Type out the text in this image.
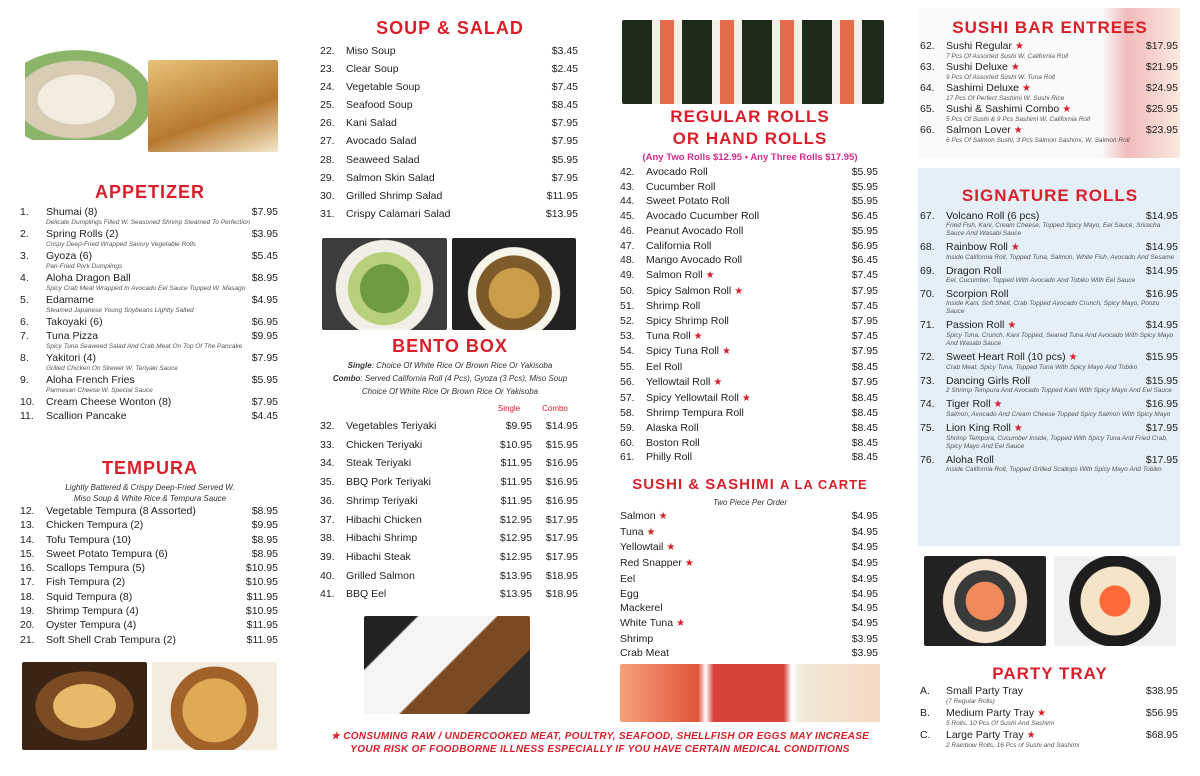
APPETIZER
1.	Shumai (8)	$7.95
Delicate Dumplings Filled W. Seasoned Shrimp Steamed To Perfection
2.	Spring Rolls (2)	$3.95
Crispy Deep-Fried Wrapped Savory Vegetable Rolls
3.	Gyoza (6)	$5.45
Pan-Fried Pork Dumplings
4.	Aloha Dragon Ball	$8.95
Spicy Crab Meat Wrapped In Avocado Eel Sauce Topped W. Masago
5.	Edamame	$4.95
Steamed Japanese Young Soybeans Lightly Salted
6.	Takoyaki (6)	$6.95
7.	Tuna Pizza	$9.95
Spicy Tuna Seaweed Salad And Crab Meat On Top Of The Pancake
8.	Yakitori (4)	$7.95
Grilled Chicken On Skewer W. Teriyaki Sauce
9.	Aloha French Fries	$5.95
Parmesan Cheese W. Special Sauce
10.	Cream Cheese Wonton (8)	$7.95
11.	Scallion Pancake	$4.45
TEMPURA
Lightly Battered & Crispy Deep-Fried Served W. Miso Soup & White Rice & Tempura Sauce
12.	Vegetable Tempura (8 Assorted)	$8.95
13.	Chicken Tempura (2)	$9.95
14.	Tofu Tempura (10)	$8.95
15.	Sweet Potato Tempura (6)	$8.95
16.	Scallops Tempura (5)	$10.95
17.	Fish Tempura (2)	$10.95
18.	Squid Tempura (8)	$11.95
19.	Shrimp Tempura (4)	$10.95
20.	Oyster Tempura (4)	$11.95
21.	Soft Shell Crab Tempura (2)	$11.95
SOUP & SALAD
22.	Miso Soup	$3.45
23.	Clear Soup	$2.45
24.	Vegetable Soup	$7.45
25.	Seafood Soup	$8.45
26.	Kani Salad	$7.95
27.	Avocado Salad	$7.95
28.	Seaweed Salad	$5.95
29.	Salmon Skin Salad	$7.95
30.	Grilled Shrimp Salad	$11.95
31.	Crispy Calamari Salad	$13.95
BENTO BOX
Single: Choice Of White Rice Or Brown Rice Or Yakisoba
Combo: Served California Roll (4 Pcs), Gyoza (3 Pcs), Miso Soup
Choice Of White Rice Or Brown Rice Or Yakisoba
Single	Combo
32.	Vegetables Teriyaki	$9.95	$14.95
33.	Chicken Teriyaki	$10.95	$15.95
34.	Steak Teriyaki	$11.95	$16.95
35.	BBQ Pork Teriyaki	$11.95	$16.95
36.	Shrimp Teriyaki	$11.95	$16.95
37.	Hibachi Chicken	$12.95	$17.95
38.	Hibachi Shrimp	$12.95	$17.95
39.	Hibachi Steak	$12.95	$17.95
40.	Grilled Salmon	$13.95	$18.95
41.	BBQ Eel	$13.95	$18.95
REGULAR ROLLS
OR HAND ROLLS
(Any Two Rolls $12.95 • Any Three Rolls $17.95)
42.	Avocado Roll	$5.95
43.	Cucumber Roll	$5.95
44.	Sweet Potato Roll	$5.95
45.	Avocado Cucumber Roll	$6.45
46.	Peanut Avocado Roll	$5.95
47.	California Roll	$6.95
48.	Mango Avocado Roll	$6.45
49.	Salmon Roll ★	$7.45
50.	Spicy Salmon Roll ★	$7.95
51.	Shrimp Roll	$7.45
52.	Spicy Shrimp Roll	$7.95
53.	Tuna Roll ★	$7.45
54.	Spicy Tuna Roll ★	$7.95
55.	Eel Roll	$8.45
56.	Yellowtail Roll ★	$7.95
57.	Spicy Yellowtail Roll ★	$8.45
58.	Shrimp Tempura Roll	$8.45
59.	Alaska Roll	$8.45
60.	Boston Roll	$8.45
61.	Philly Roll	$8.45
SUSHI & SASHIMI A LA CARTE
Two Piece Per Order
Salmon ★	$4.95
Tuna ★	$4.95
Yellowtail ★	$4.95
Red Snapper ★	$4.95
Eel	$4.95
Egg	$4.95
Mackerel	$4.95
White Tuna ★	$4.95
Shrimp	$3.95
Crab Meat	$3.95
SUSHI BAR ENTREES
62.	Sushi Regular ★	$17.95
7 Pcs Of Assorted Sushi W. California Roll
63.	Sushi Deluxe ★	$21.95
9 Pcs Of Assorted Sushi W. Tuna Roll
64.	Sashimi Deluxe ★	$24.95
17 Pcs Of Perfect Sashimi W. Sushi Rice
65.	Sushi & Sashimi Combo ★	$25.95
5 Pcs Of Sushi & 9 Pcs Sashimi W. California Roll
66.	Salmon Lover ★	$23.95
6 Pcs Of Salmon Sushi, 3 Pcs Salmon Sashimi, W. Salmon Roll
SIGNATURE ROLLS
67.	Volcano Roll (6 pcs)	$14.95
Fried Fish, Kani, Cream Cheese, Topped Spicy Mayo, Eel Sauce, Sriracha Sauce And Wasabi Sauce
68.	Rainbow Roll ★	$14.95
Inside California Roll, Topped Tuna, Salmon, White Fish, Avocado And Sesame
69.	Dragon Roll	$14.95
Eel, Cucumber, Topped With Avocado And Tobiko With Eel Sauce
70.	Scorpion Roll	$16.95
Inside Kani, Soft Shell, Crab Topped Avocado Crunch, Spicy Mayo, Ponzu Sauce
71.	Passion Roll ★	$14.95
Spicy Tuna, Crunch, Kani Topped, Seared Tuna And Avocado With Spicy Mayo And Wasabi Sauce
72.	Sweet Heart Roll (10 pcs) ★	$15.95
Crab Meat, Spicy Tuna, Topped Tuna With Spicy Mayo And Tobiko
73.	Dancing Girls Roll	$15.95
2 Shrimp Tempura And Avocado Topped Kani With Spicy Mayo And Eel Sauce
74.	Tiger Roll ★	$16.95
Salmon, Avocado And Cream Cheese Topped Spicy Salmon With Spicy Mayo
75.	Lion King Roll ★	$17.95
Shrimp Tempura, Cucumber Inside, Topped With Spicy Tuna And Fried Crab, Spicy Mayo And Eel Sauce
76.	Aloha Roll	$17.95
Inside California Roll, Topped Grilled Scallops With Spicy Mayo And Tobiko
PARTY TRAY
A.	Small Party Tray	$38.95
(7 Regular Rolls)
B.	Medium Party Tray ★	$56.95
5 Rolls, 10 Pcs Of Sushi And Sashimi
C.	Large Party Tray ★	$68.95
2 Rainbow Rolls, 16 Pcs of Sushi and Sashimi
★ CONSUMING RAW / UNDERCOOKED MEAT, POULTRY, SEAFOOD, SHELLFISH OR EGGS MAY INCREASE
YOUR RISK OF FOODBORNE ILLNESS ESPECIALLY IF YOU HAVE CERTAIN MEDICAL CONDITIONS
